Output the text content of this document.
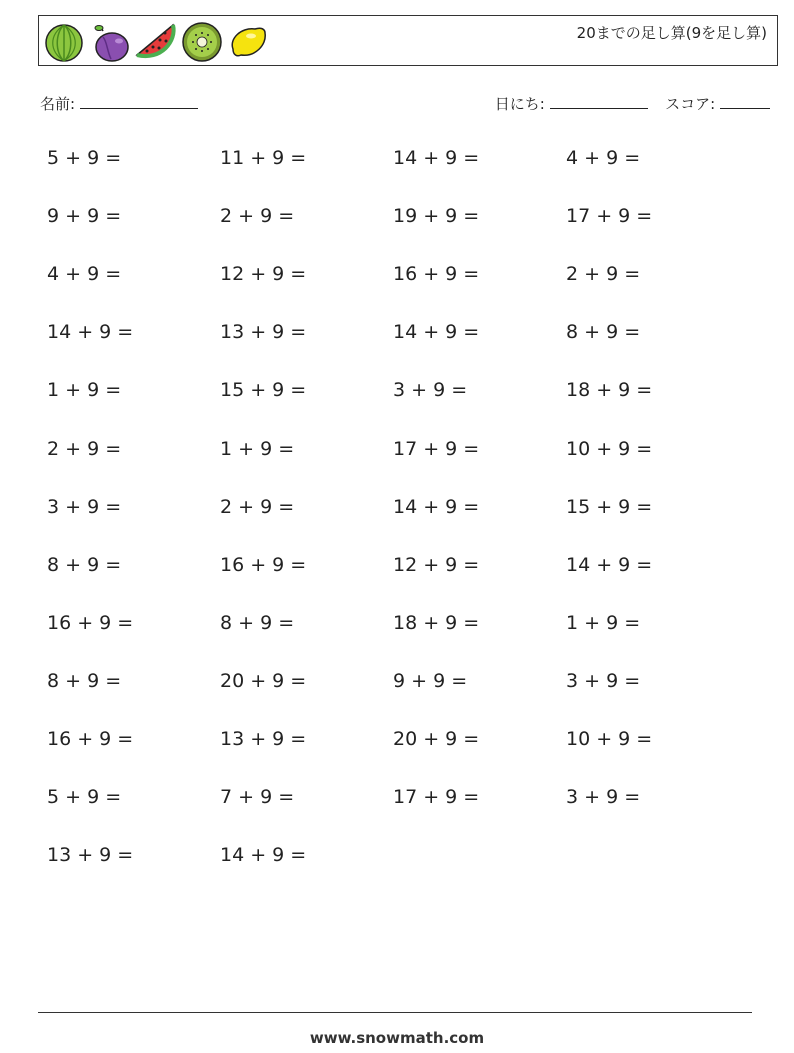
20までの足し算(9を足し算)
名前:	日にち:	スコア:
5 + 9 =	11 + 9 =	14 + 9 =	4 + 9 =
9 + 9 =	2 + 9 =	19 + 9 =	17 + 9 =
4 + 9 =	12 + 9 =	16 + 9 =	2 + 9 =
14 + 9 =	13 + 9 =	14 + 9 =	8 + 9 =
1 + 9 =	15 + 9 =	3 + 9 =	18 + 9 =
2 + 9 =	1 + 9 =	17 + 9 =	10 + 9 =
3 + 9 =	2 + 9 =	14 + 9 =	15 + 9 =
8 + 9 =	16 + 9 =	12 + 9 =	14 + 9 =
16 + 9 =	8 + 9 =	18 + 9 =	1 + 9 =
8 + 9 =	20 + 9 =	9 + 9 =	3 + 9 =
16 + 9 =	13 + 9 =	20 + 9 =	10 + 9 =
5 + 9 =	7 + 9 =	17 + 9 =	3 + 9 =
13 + 9 =	14 + 9 =
www.snowmath.com
